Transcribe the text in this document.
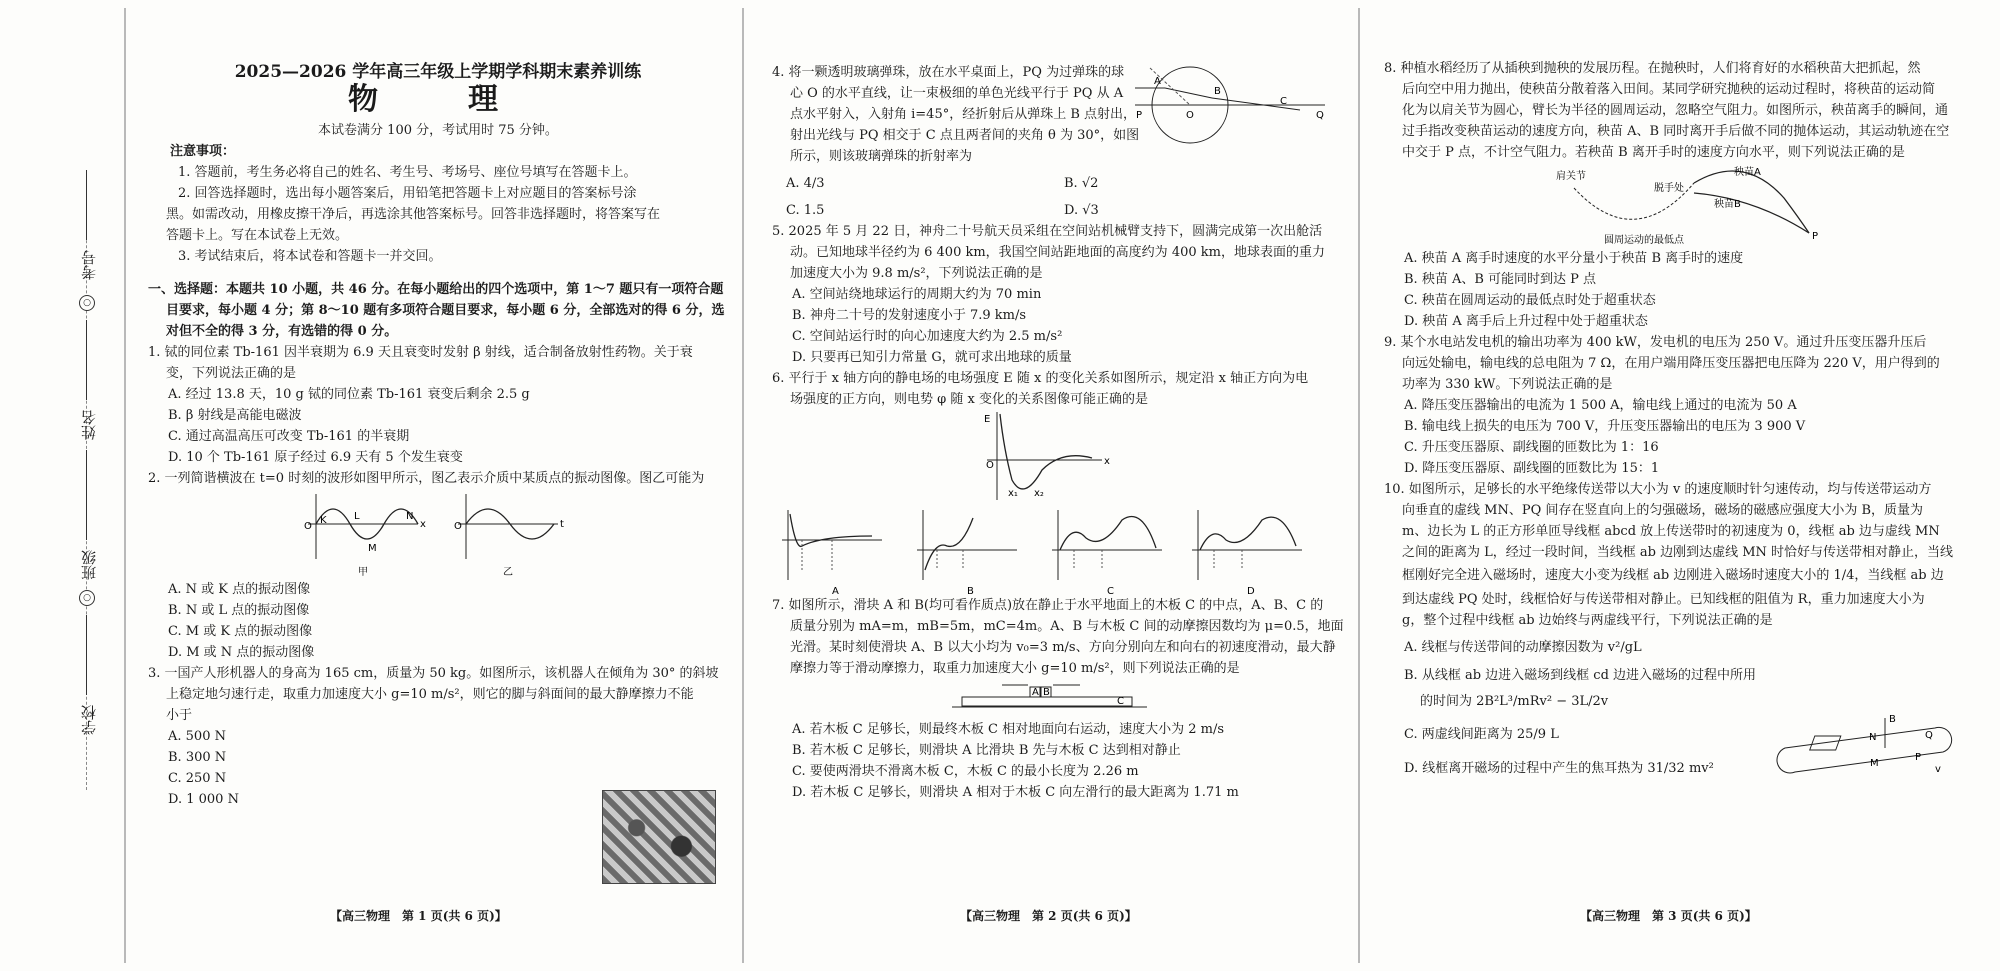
考号
○
姓名
班级
○
学校

2025—2026 学年高三年级上学期学科期末素养训练

物　理

本试卷满分 100 分，考试用时 75 分钟。

注意事项：

1. 答题前，考生务必将自己的姓名、考生号、考场号、座位号填写在答题卡上。

2. 回答选择题时，选出每小题答案后，用铅笔把答题卡上对应题目的答案标号涂

黑。如需改动，用橡皮擦干净后，再选涂其他答案标号。回答非选择题时，将答案写在

答题卡上。写在本试卷上无效。

3. 考试结束后，将本试卷和答题卡一并交回。

一、选择题：本题共 10 小题，共 46 分。在每小题给出的四个选项中，第 1～7 题只有一项符合题

目要求，每小题 4 分；第 8～10 题有多项符合题目要求，每小题 6 分，全部选对的得 6 分，选

对但不全的得 3 分，有选错的得 0 分。

1. 铽的同位素 Tb-161 因半衰期为 6.9 天且衰变时发射 β 射线，适合制备放射性药物。关于衰

变，下列说法正确的是

A. 经过 13.8 天，10 g 铽的同位素 Tb-161 衰变后剩余 2.5 g

B. β 射线是高能电磁波

C. 通过高温高压可改变 Tb-161 的半衰期

D. 10 个 Tb-161 原子经过 6.9 天有 5 个发生衰变

2. 一列简谐横波在 t=0 时刻的波形如图甲所示，图乙表示介质中某质点的振动图像。图乙可能为

O
K	L	N
M
x
甲
O	t
乙

A. N 或 K 点的振动图像

B. N 或 L 点的振动图像

C. M 或 K 点的振动图像

D. M 或 N 点的振动图像

3. 一国产人形机器人的身高为 165 cm，质量为 50 kg。如图所示，该机器人在倾角为 30° 的斜坡

上稳定地匀速行走，取重力加速度大小 g=10 m/s²，则它的脚与斜面间的最大静摩擦力不能

小于

A. 500 N

B. 300 N

C. 250 N

D. 1 000 N

【高三物理　第 1 页(共 6 页)】

4. 将一颗透明玻璃弹珠，放在水平桌面上，PQ 为过弹珠的球

心 O 的水平直线，让一束极细的单色光线平行于 PQ 从 A

点水平射入，入射角 i=45°，经折射后从弹珠上 B 点射出，

射出光线与 PQ 相交于 C 点且两者间的夹角 θ 为 30°，如图

所示，则该玻璃弹珠的折射率为

A. 4/3	B. √2
C. 1.5	D. √3

5. 2025 年 5 月 22 日，神舟二十号航天员采组在空间站机械臂支持下，圆满完成第一次出舱活

动。已知地球半径约为 6 400 km，我国空间站距地面的高度约为 400 km，地球表面的重力

加速度大小为 9.8 m/s²，下列说法正确的是

A. 空间站绕地球运行的周期大约为 70 min

B. 神舟二十号的发射速度小于 7.9 km/s

C. 空间站运行时的向心加速度大约为 2.5 m/s²

D. 只要再已知引力常量 G，就可求出地球的质量

6. 平行于 x 轴方向的静电场的电场强度 E 随 x 的变化关系如图所示，规定沿 x 轴正方向为电

场强度的正方向，则电势 φ 随 x 变化的关系图像可能正确的是

E
O	x
x₁ x₂
A	B	C	D

7. 如图所示，滑块 A 和 B(均可看作质点)放在静止于水平地面上的木板 C 的中点，A、B、C 的

质量分别为 mA=m，mB=5m，mC=4m。A、B 与木板 C 间的动摩擦因数均为 μ=0.5，地面

光滑。某时刻使滑块 A、B 以大小均为 v₀=3 m/s、方向分别向左和向右的初速度滑动，最大静

摩擦力等于滑动摩擦力，取重力加速度大小 g=10 m/s²，则下列说法正确的是

A B
C

A. 若木板 C 足够长，则最终木板 C 相对地面向右运动，速度大小为 2 m/s

B. 若木板 C 足够长，则滑块 A 比滑块 B 先与木板 C 达到相对静止

C. 要使两滑块不滑离木板 C，木板 C 的最小长度为 2.26 m

D. 若木板 C 足够长，则滑块 A 相对于木板 C 向左滑行的最大距离为 1.71 m

A
B
O
C
P	Q
【高三物理　第 2 页(共 6 页)】

8. 种植水稻经历了从插秧到抛秧的发展历程。在抛秧时，人们将育好的水稻秧苗大把抓起，然

后向空中用力抛出，使秧苗分散着落入田间。某同学研究抛秧的运动过程时，将秧苗的运动简

化为以肩关节为圆心，臂长为半径的圆周运动，忽略空气阻力。如图所示，秧苗离手的瞬间，通

过手指改变秧苗运动的速度方向，秧苗 A、B 同时离开手后做不同的抛体运动，其运动轨迹在空

中交于 P 点，不计空气阻力。若秧苗 B 离开手时的速度方向水平，则下列说法正确的是

肩关节
脱手处
秧苗A
秧苗B
圆周运动的最低点	P

A. 秧苗 A 离手时速度的水平分量小于秧苗 B 离手时的速度

B. 秧苗 A、B 可能同时到达 P 点

C. 秧苗在圆周运动的最低点时处于超重状态

D. 秧苗 A 离手后上升过程中处于超重状态

9. 某个水电站发电机的输出功率为 400 kW，发电机的电压为 250 V。通过升压变压器升压后

向远处输电，输电线的总电阻为 7 Ω，在用户端用降压变压器把电压降为 220 V，用户得到的

功率为 330 kW。下列说法正确的是

A. 降压变压器输出的电流为 1 500 A，输电线上通过的电流为 50 A

B. 输电线上损失的电压为 700 V，升压变压器输出的电压为 3 900 V

C. 升压变压器原、副线圈的匝数比为 1：16

D. 降压变压器原、副线圈的匝数比为 15：1

10. 如图所示，足够长的水平绝缘传送带以大小为 v 的速度顺时针匀速传动，均与传送带运动方

向垂直的虚线 MN、PQ 间存在竖直向上的匀强磁场，磁场的磁感应强度大小为 B，质量为

m、边长为 L 的正方形单匝导线框 abcd 放上传送带时的初速度为 0，线框 ab 边与虚线 MN

之间的距离为 L，经过一段时间，当线框 ab 边刚到达虚线 MN 时恰好与传送带相对静止，当线

框刚好完全进入磁场时，速度大小变为线框 ab 边刚进入磁场时速度大小的 1/4，当线框 ab 边

到达虚线 PQ 处时，线框恰好与传送带相对静止。已知线框的阻值为 R，重力加速度大小为

g，整个过程中线框 ab 边始终与两虚线平行，下列说法正确的是

A. 线框与传送带间的动摩擦因数为 v²/gL

B. 从线框 ab 边进入磁场到线框 cd 边进入磁场的过程中所用

的时间为 2B²L³/mRv² − 3L/2v

C. 两虚线间距离为 25/9 L

D. 线框离开磁场的过程中产生的焦耳热为 31/32 mv²

B
N	Q
M
P
v
【高三物理　第 3 页(共 6 页)】
